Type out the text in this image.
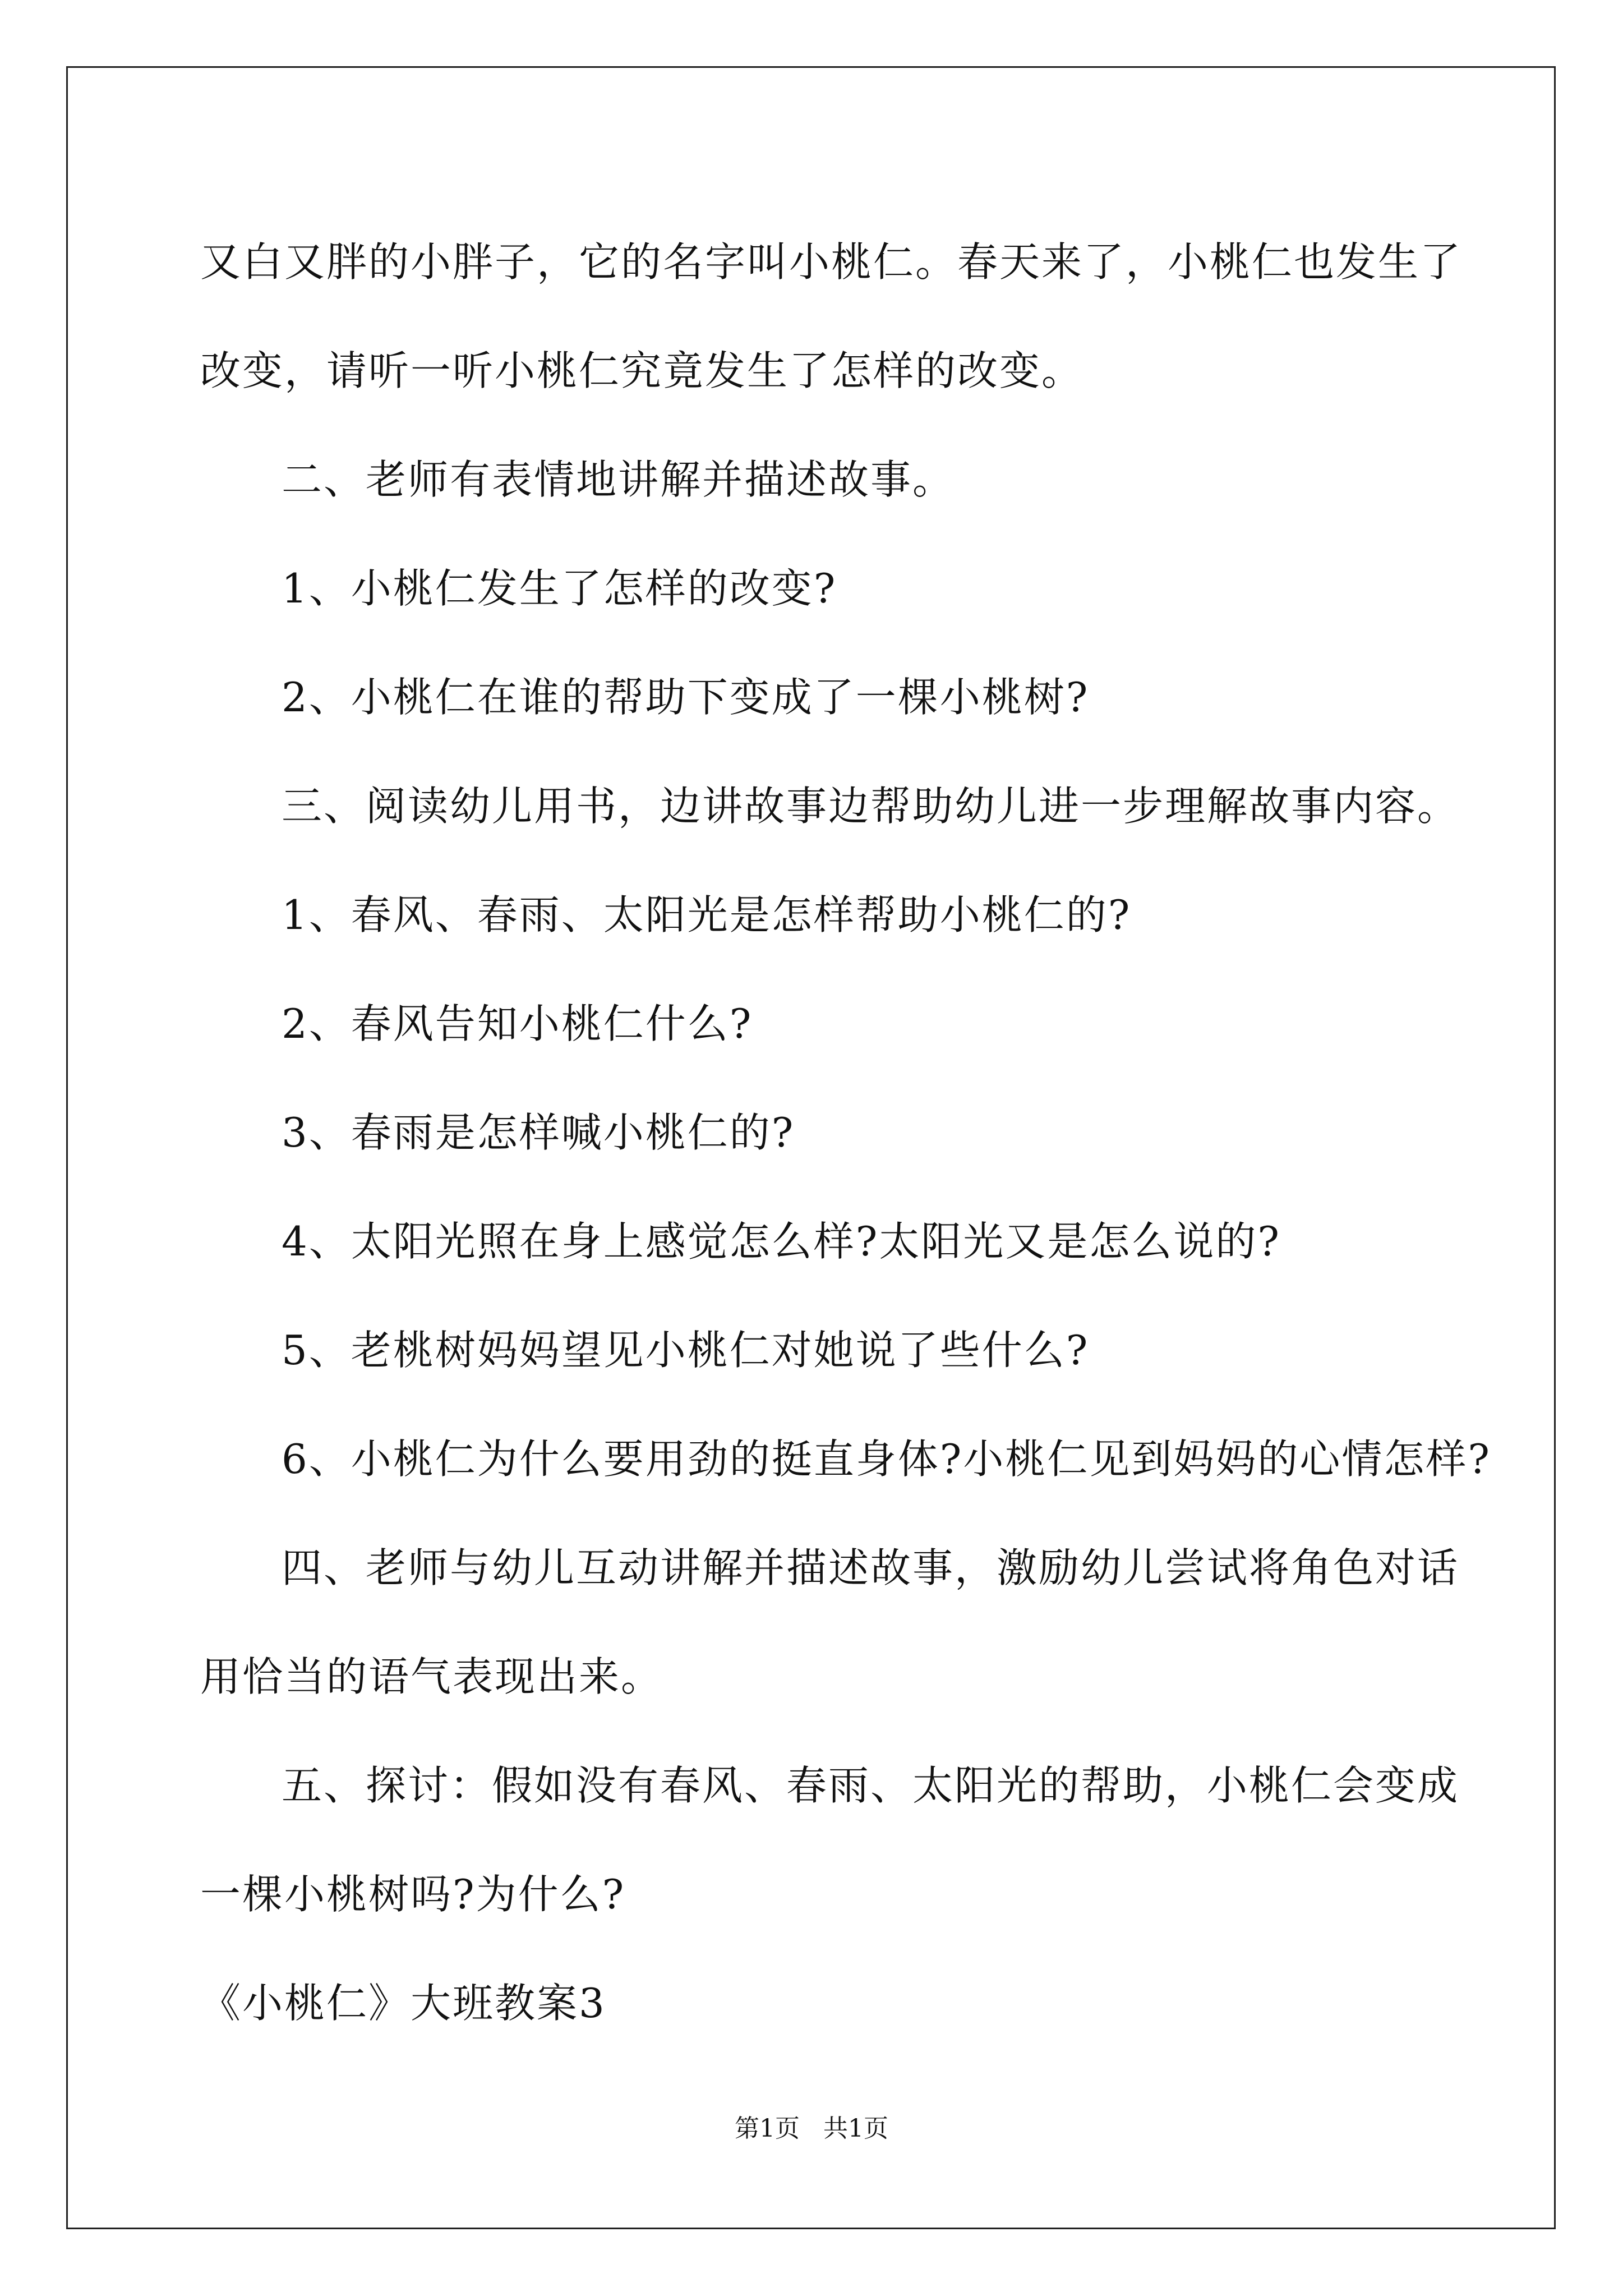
又白又胖的小胖子，它的名字叫小桃仁。春天来了，小桃仁也发生了
改变，请听一听小桃仁究竟发生了怎样的改变。
二、老师有表情地讲解并描述故事。
1、小桃仁发生了怎样的改变?
2、小桃仁在谁的帮助下变成了一棵小桃树?
三、阅读幼儿用书，边讲故事边帮助幼儿进一步理解故事内容。
1、春风、春雨、太阳光是怎样帮助小桃仁的?
2、春风告知小桃仁什么?
3、春雨是怎样喊小桃仁的?
4、太阳光照在身上感觉怎么样?太阳光又是怎么说的?
5、老桃树妈妈望见小桃仁对她说了些什么?
6、小桃仁为什么要用劲的挺直身体?小桃仁见到妈妈的心情怎样?
四、老师与幼儿互动讲解并描述故事，激励幼儿尝试将角色对话
用恰当的语气表现出来。
五、探讨：假如没有春风、春雨、太阳光的帮助，小桃仁会变成
一棵小桃树吗?为什么?
《小桃仁》大班教案3
第1页   共1页
